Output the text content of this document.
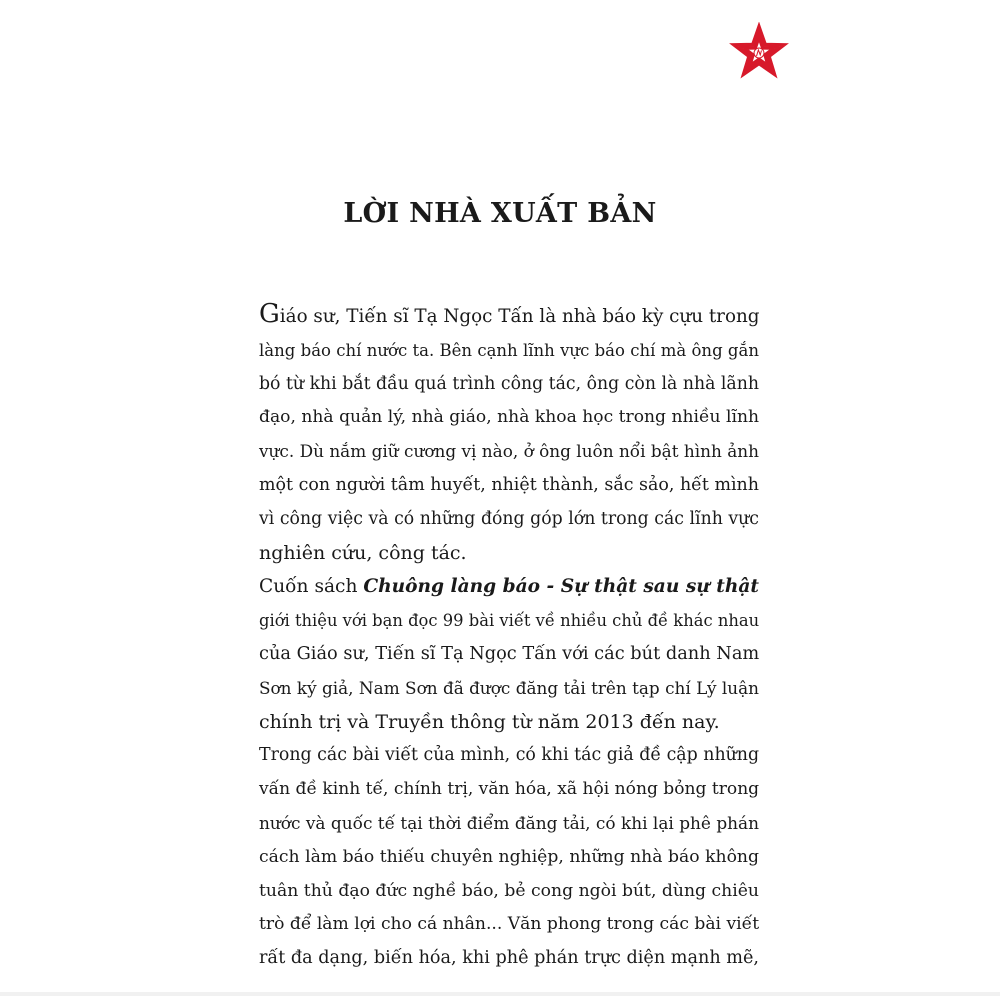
LỜI NHÀ XUẤT BẢN

Giáo sư, Tiến sĩ Tạ Ngọc Tấn là nhà báo kỳ cựu trong
làng báo chí nước ta. Bên cạnh lĩnh vực báo chí mà ông gắn
bó từ khi bắt đầu quá trình công tác, ông còn là nhà lãnh
đạo, nhà quản lý, nhà giáo, nhà khoa học trong nhiều lĩnh
vực. Dù nắm giữ cương vị nào, ở ông luôn nổi bật hình ảnh
một con người tâm huyết, nhiệt thành, sắc sảo, hết mình
vì công việc và có những đóng góp lớn trong các lĩnh vực
nghiên cứu, công tác.

Cuốn sách Chuông làng báo - Sự thật sau sự thật
giới thiệu với bạn đọc 99 bài viết về nhiều chủ đề khác nhau
của Giáo sư, Tiến sĩ Tạ Ngọc Tấn với các bút danh Nam
Sơn ký giả, Nam Sơn đã được đăng tải trên tạp chí Lý luận
chính trị và Truyền thông từ năm 2013 đến nay.

Trong các bài viết của mình, có khi tác giả đề cập những
vấn đề kinh tế, chính trị, văn hóa, xã hội nóng bỏng trong
nước và quốc tế tại thời điểm đăng tải, có khi lại phê phán
cách làm báo thiếu chuyên nghiệp, những nhà báo không
tuân thủ đạo đức nghề báo, bẻ cong ngòi bút, dùng chiêu
trò để làm lợi cho cá nhân... Văn phong trong các bài viết
rất đa dạng, biến hóa, khi phê phán trực diện mạnh mẽ,
